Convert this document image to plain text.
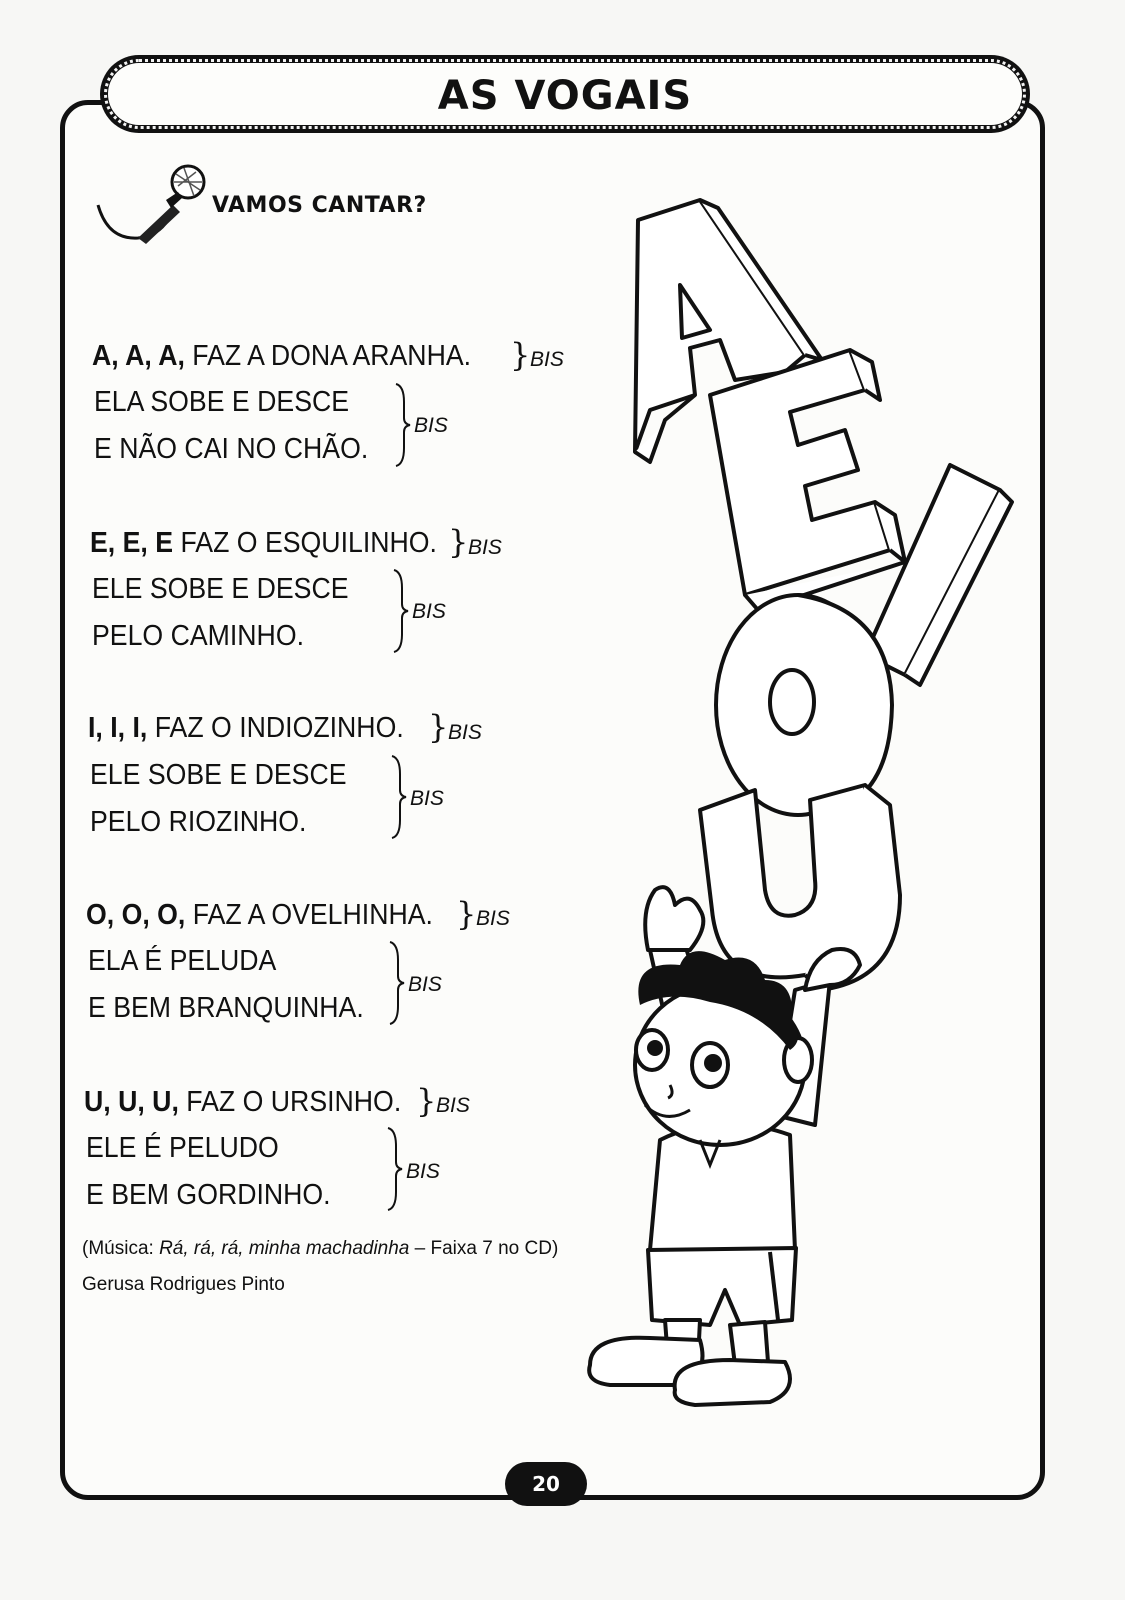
AS VOGAIS
VAMOS CANTAR?
A, A, A, FAZ A DONA ARANHA. } BIS
ELA SOBE E DESCE
E NÃO CAI NO CHÃO.
BIS
E, E, E FAZ O ESQUILINHO. } BIS
ELE SOBE E DESCE
PELO CAMINHO.
BIS
I, I, I, FAZ O INDIOZINHO. } BIS
ELE SOBE E DESCE
PELO RIOZINHO.
BIS
O, O, O, FAZ A OVELHINHA. } BIS
ELA É PELUDA
E BEM BRANQUINHA.
BIS
U, U, U, FAZ O URSINHO. } BIS
ELE É PELUDO
E BEM GORDINHO.
BIS
(Música: Rá, rá, rá, minha machadinha – Faixa 7 no CD)
Gerusa Rodrigues Pinto
20
